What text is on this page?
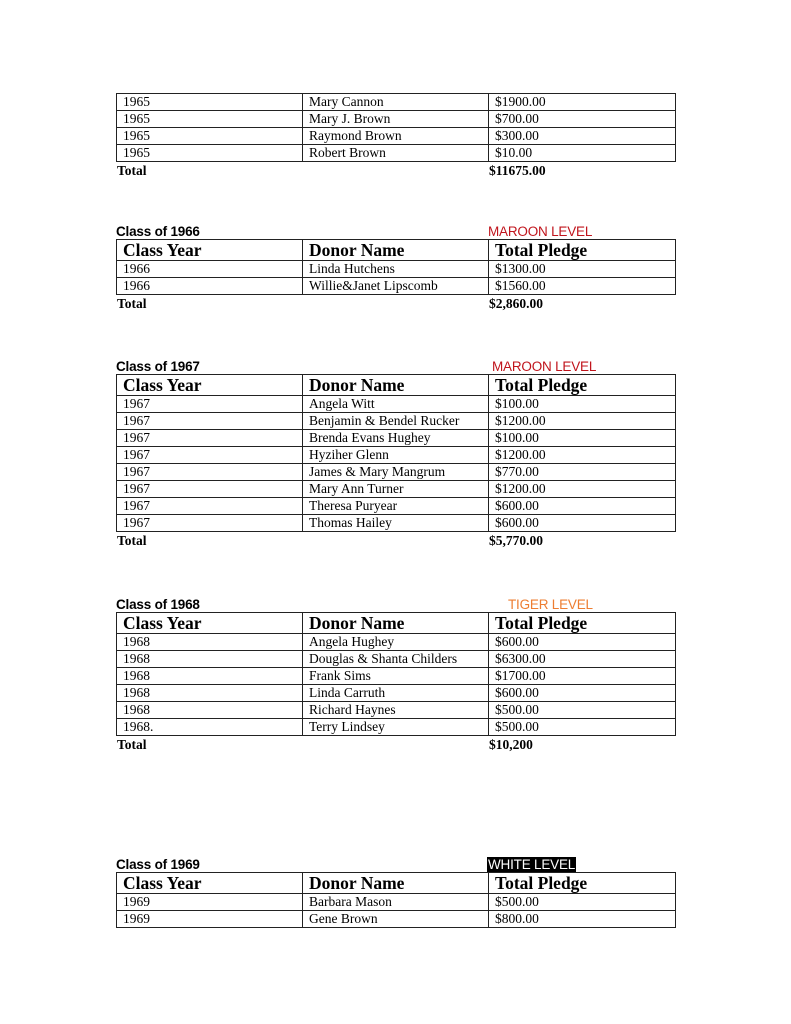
1965	Mary Cannon	$1900.00
1965	Mary J. Brown	$700.00
1965	Raymond Brown	$300.00
1965	Robert Brown	$10.00
Total	$11675.00
Class of 1966	MAROON LEVEL
Class Year	Donor Name	Total Pledge
1966	Linda Hutchens	$1300.00
1966	Willie&Janet Lipscomb	$1560.00
Total	$2,860.00
Class of 1967	MAROON LEVEL
Class Year	Donor Name	Total Pledge
1967	Angela Witt	$100.00
1967	Benjamin & Bendel Rucker	$1200.00
1967	Brenda Evans Hughey	$100.00
1967	Hyziher Glenn	$1200.00
1967	James & Mary Mangrum	$770.00
1967	Mary Ann Turner	$1200.00
1967	Theresa Puryear	$600.00
1967	Thomas Hailey	$600.00
Total	$5,770.00
Class of 1968	TIGER LEVEL
Class Year	Donor Name	Total Pledge
1968	Angela Hughey	$600.00
1968	Douglas & Shanta Childers	$6300.00
1968	Frank Sims	$1700.00
1968	Linda Carruth	$600.00
1968	Richard Haynes	$500.00
1968.	Terry Lindsey	$500.00
Total	$10,200
Class of 1969	WHITE LEVEL
Class Year	Donor Name	Total Pledge
1969	Barbara Mason	$500.00
1969	Gene Brown	$800.00
